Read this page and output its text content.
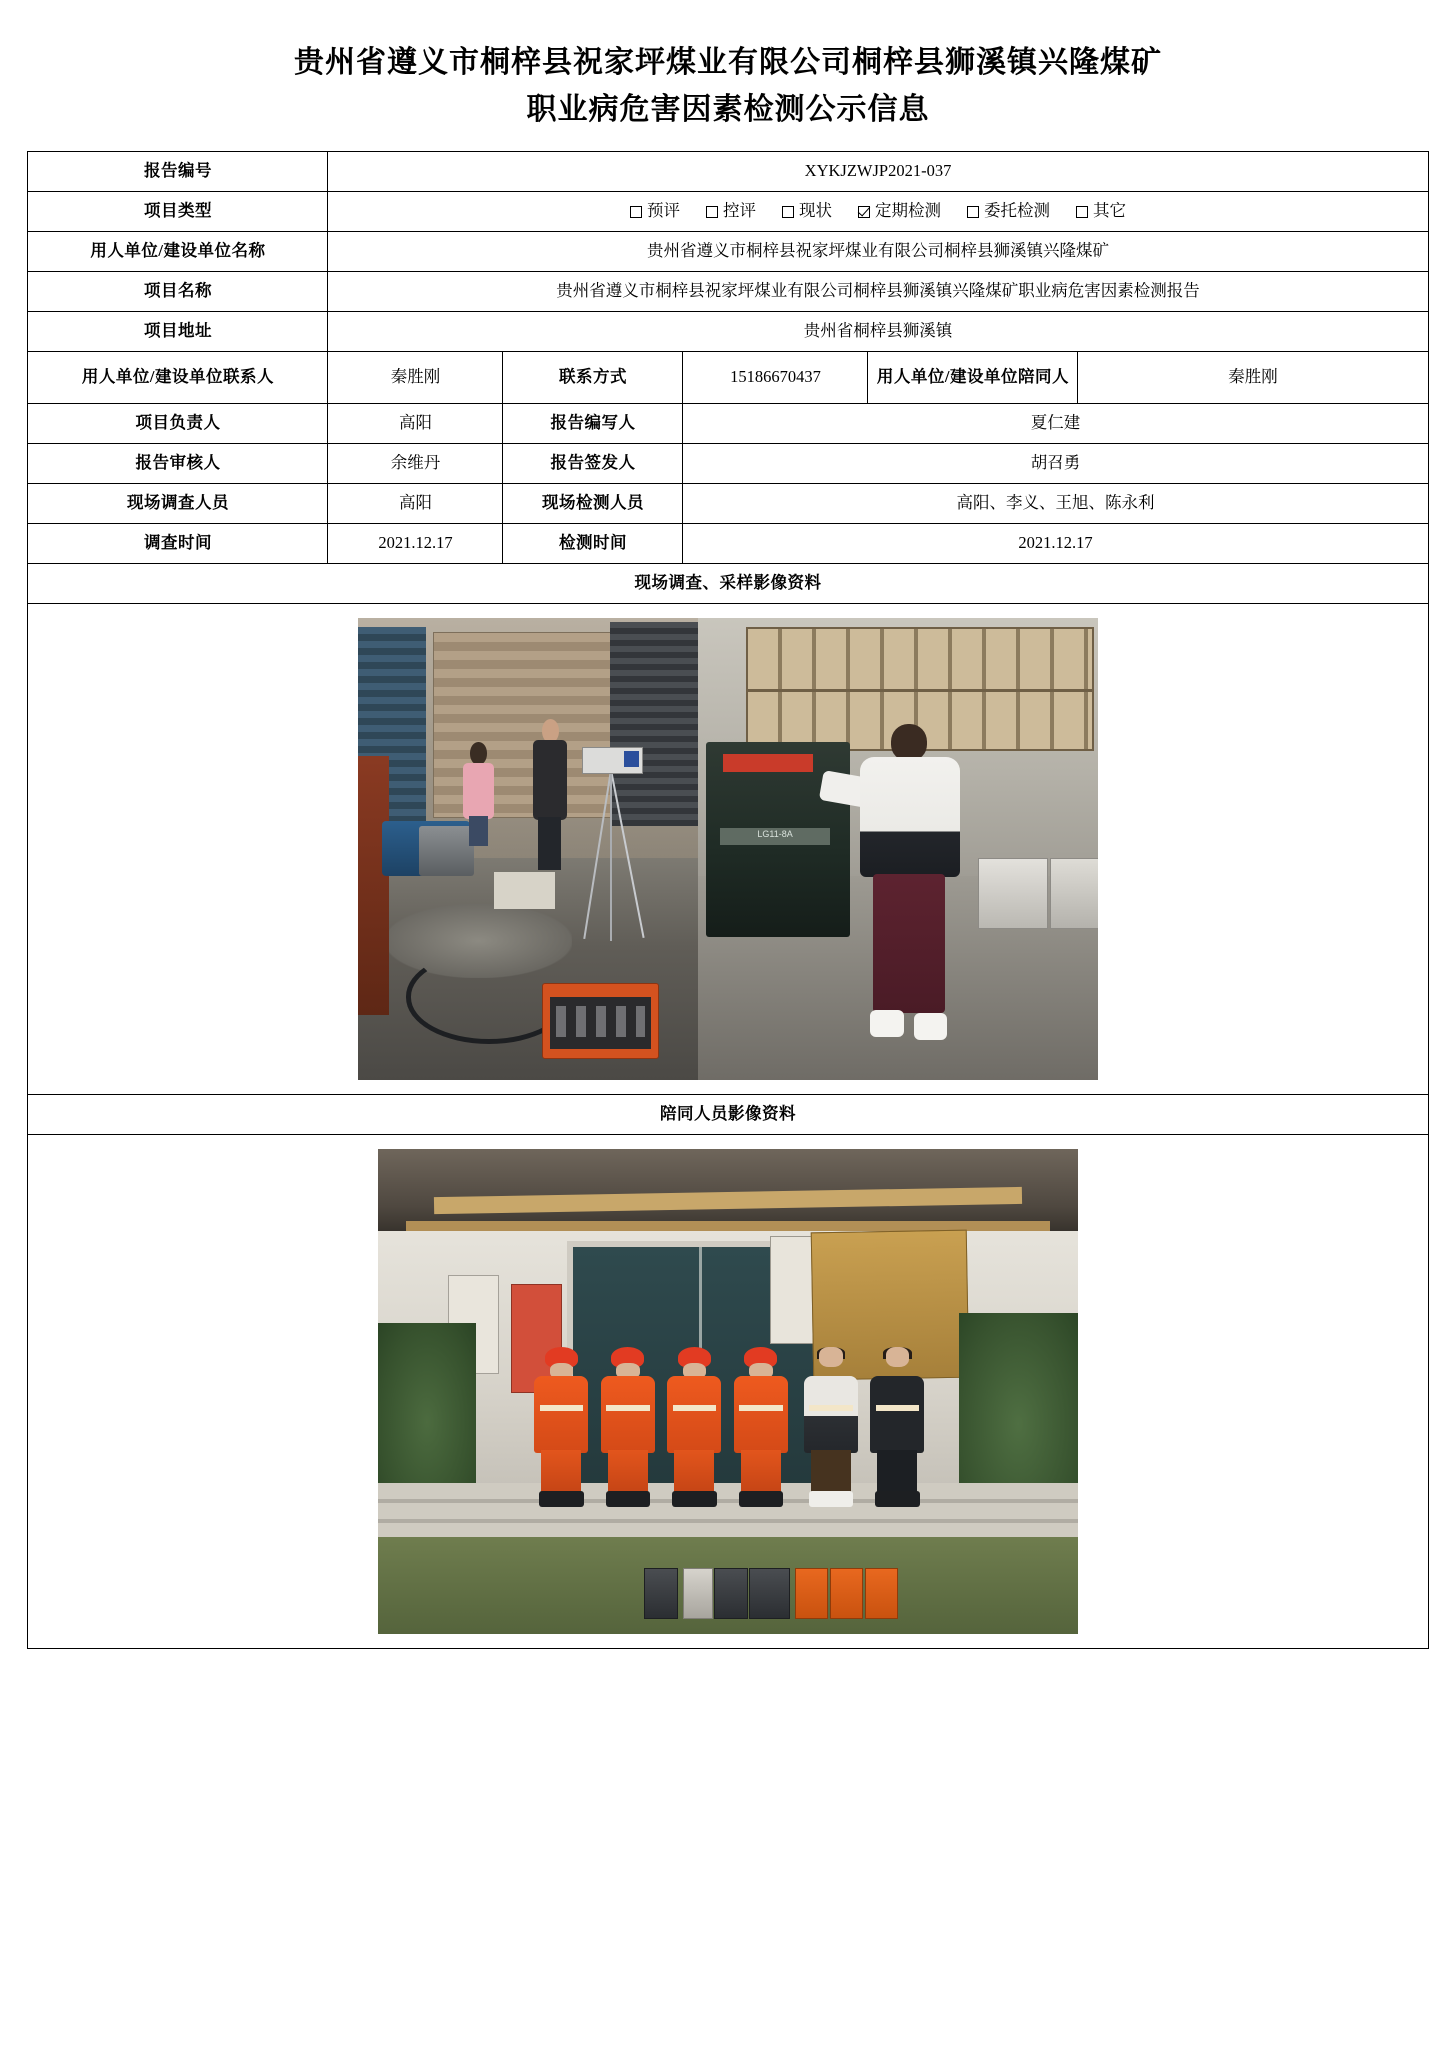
贵州省遵义市桐梓县祝家坪煤业有限公司桐梓县狮溪镇兴隆煤矿
职业病危害因素检测公示信息
报告编号	XYKJZWJP2021-037				
项目类型	预评	控评	现状	定期检测	委托检测	其它

用人单位/建设单位名称	贵州省遵义市桐梓县祝家坪煤业有限公司桐梓县狮溪镇兴隆煤矿				
项目名称	贵州省遵义市桐梓县祝家坪煤业有限公司桐梓县狮溪镇兴隆煤矿职业病危害因素检测报告				
项目地址	贵州省桐梓县狮溪镇				
用人单位/建设单位联系人	秦胜刚	联系方式	15186670437	用人单位/建设单位陪同人	秦胜刚
项目负责人	高阳	报告编写人	夏仁建		
报告审核人	余维丹	报告签发人	胡召勇		
现场调查人员	高阳	现场检测人员	高阳、李义、王旭、陈永利		
调查时间	2021.12.17	检测时间	2021.12.17		
现场调查、采样影像资料					

LG11-8A					

陪同人员影像资料					
